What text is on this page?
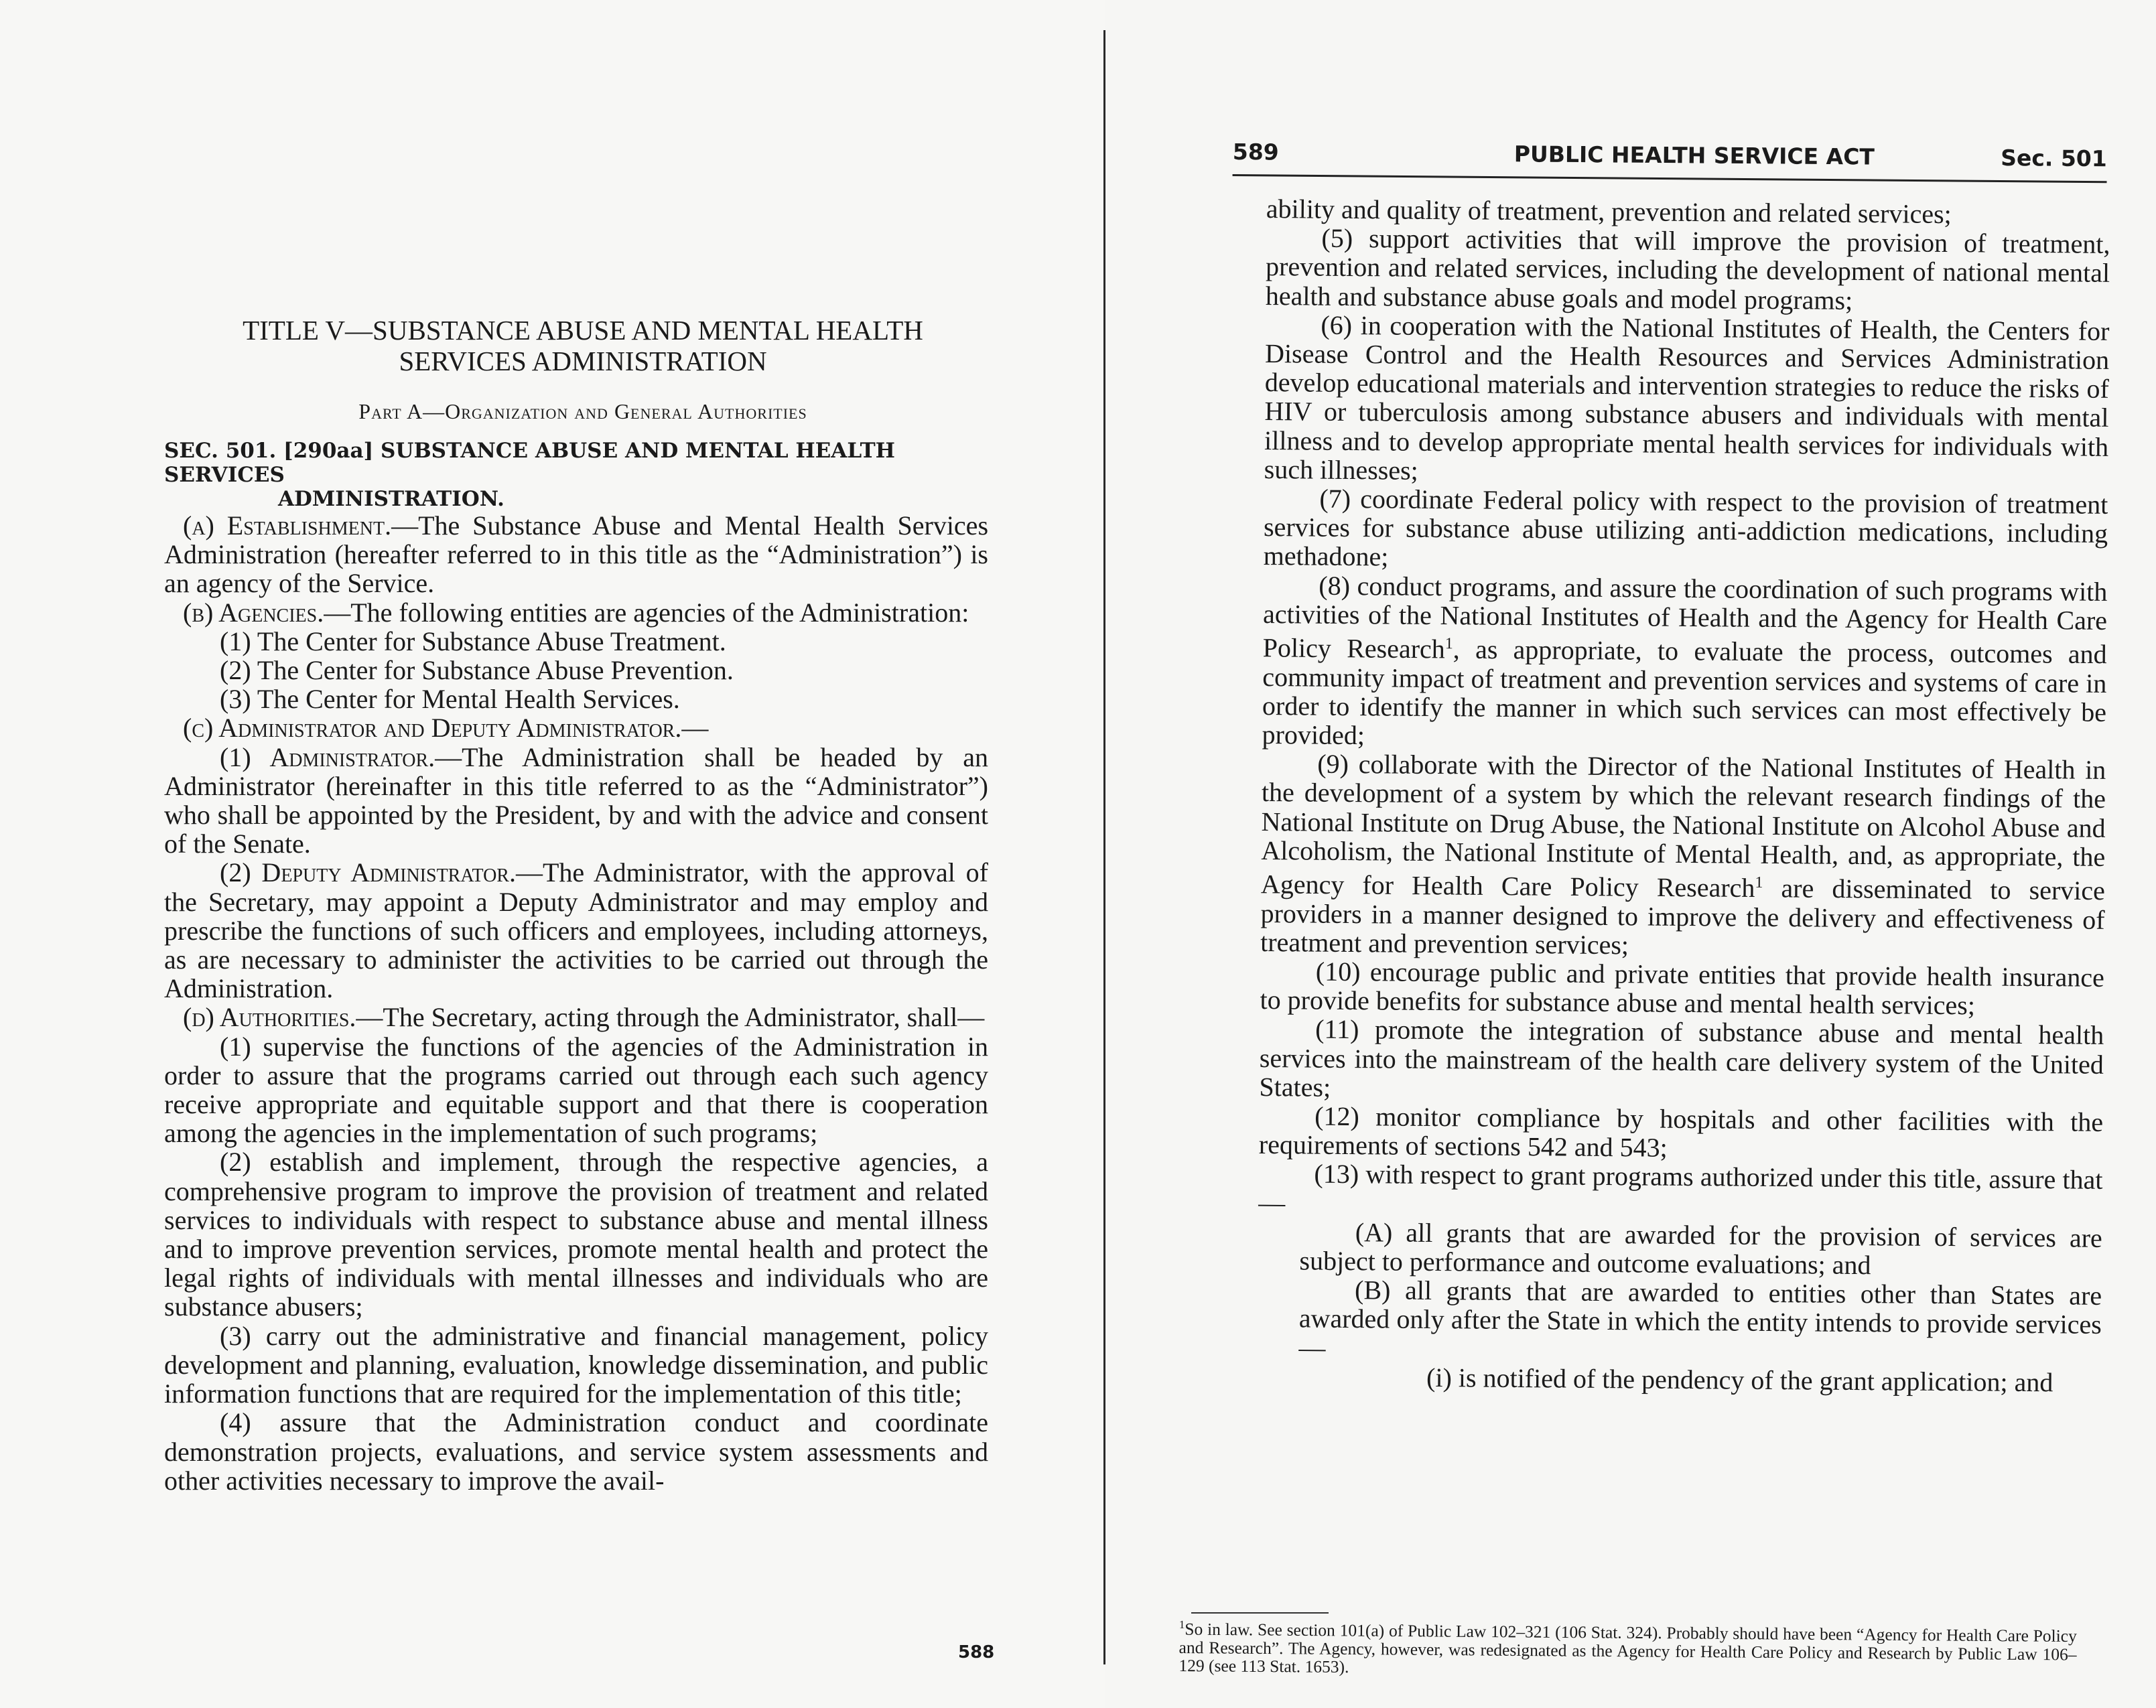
TITLE V—SUBSTANCE ABUSE AND MENTAL HEALTH
SERVICES ADMINISTRATION
Part A—Organization and General Authorities
SEC. 501. [290aa] SUBSTANCE ABUSE AND MENTAL HEALTH SERVICES
ADMINISTRATION.

(a) Establishment.—The Substance Abuse and Mental Health Services Administration (hereafter referred to in this title as the “Administration”) is an agency of the Service.

(b) Agencies.—The following entities are agencies of the Administration:

(1) The Center for Substance Abuse Treatment.

(2) The Center for Substance Abuse Prevention.

(3) The Center for Mental Health Services.

(c) Administrator and Deputy Administrator.—

(1) Administrator.—The Administration shall be headed by an Administrator (hereinafter in this title referred to as the “Administrator”) who shall be appointed by the President, by and with the advice and consent of the Senate.

(2) Deputy Administrator.—The Administrator, with the approval of the Secretary, may appoint a Deputy Administrator and may employ and prescribe the functions of such officers and employees, including attorneys, as are necessary to administer the activities to be carried out through the Administration.

(d) Authorities.—The Secretary, acting through the Administrator, shall—

(1) supervise the functions of the agencies of the Administration in order to assure that the programs carried out through each such agency receive appropriate and equitable support and that there is cooperation among the agencies in the implementation of such programs;

(2) establish and implement, through the respective agencies, a comprehensive program to improve the provision of treatment and related services to individuals with respect to substance abuse and mental illness and to improve prevention services, promote mental health and protect the legal rights of individuals with mental illnesses and individuals who are substance abusers;

(3) carry out the administrative and financial management, policy development and planning, evaluation, knowledge dissemination, and public information functions that are required for the implementation of this title;

(4) assure that the Administration conduct and coordinate demonstration projects, evaluations, and service system assessments and other activities necessary to improve the avail-

588
589	PUBLIC HEALTH SERVICE ACT	Sec. 501

ability and quality of treatment, prevention and related services;

(5) support activities that will improve the provision of treatment, prevention and related services, including the development of national mental health and substance abuse goals and model programs;

(6) in cooperation with the National Institutes of Health, the Centers for Disease Control and the Health Resources and Services Administration develop educational materials and intervention strategies to reduce the risks of HIV or tuberculosis among substance abusers and individuals with mental illness and to develop appropriate mental health services for individuals with such illnesses;

(7) coordinate Federal policy with respect to the provision of treatment services for substance abuse utilizing anti-addiction medications, including methadone;

(8) conduct programs, and assure the coordination of such programs with activities of the National Institutes of Health and the Agency for Health Care Policy Research$^1$, as appropriate, to evaluate the process, outcomes and community impact of treatment and prevention services and systems of care in order to identify the manner in which such services can most effectively be provided;

(9) collaborate with the Director of the National Institutes of Health in the development of a system by which the relevant research findings of the National Institute on Drug Abuse, the National Institute on Alcohol Abuse and Alcoholism, the National Institute of Mental Health, and, as appropriate, the Agency for Health Care Policy Research$^1$ are disseminated to service providers in a manner designed to improve the delivery and effectiveness of treatment and prevention services;

(10) encourage public and private entities that provide health insurance to provide benefits for substance abuse and mental health services;

(11) promote the integration of substance abuse and mental health services into the mainstream of the health care delivery system of the United States;

(12) monitor compliance by hospitals and other facilities with the requirements of sections 542 and 543;

(13) with respect to grant programs authorized under this title, assure that—

(A) all grants that are awarded for the provision of services are subject to performance and outcome evaluations; and

(B) all grants that are awarded to entities other than States are awarded only after the State in which the entity intends to provide services—

(i) is notified of the pendency of the grant application; and

$^1$So in law. See section 101(a) of Public Law 102–321 (106 Stat. 324). Probably should have been “Agency for Health Care Policy and Research”. The Agency, however, was redesignated as the Agency for Health Care Policy and Research by Public Law 106–129 (see 113 Stat. 1653).
